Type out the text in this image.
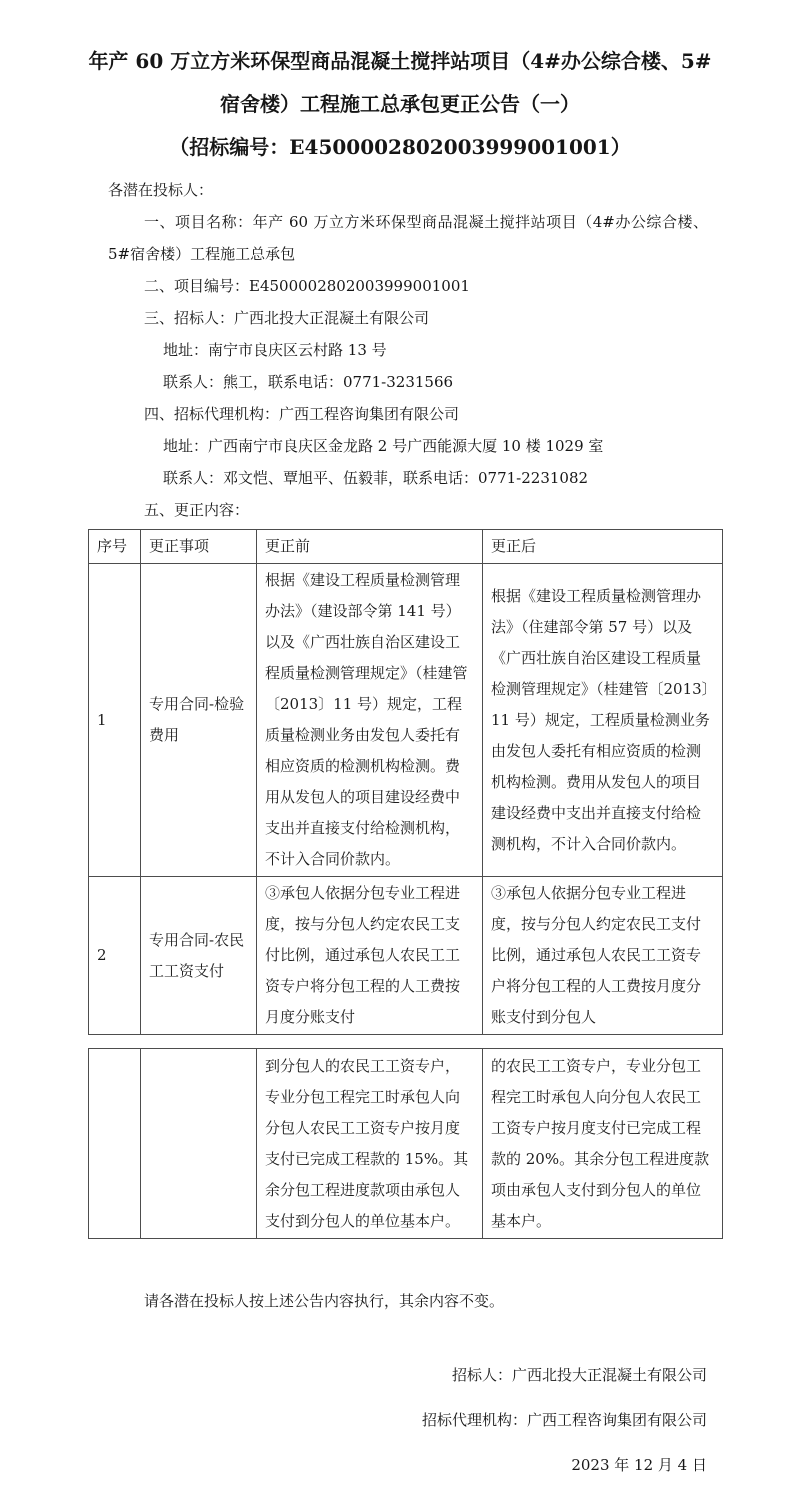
年产 60 万立方米环保型商品混凝土搅拌站项目（4#办公综合楼、5#

宿舍楼）工程施工总承包更正公告（一）

（招标编号：E4500002802003999001001）

各潜在投标人：

一、项目名称：年产 60 万立方米环保型商品混凝土搅拌站项目（4#办公综合楼、5#宿舍楼）工程施工总承包

二、项目编号：E4500002802003999001001

三、招标人：广西北投大正混凝土有限公司

地址：南宁市良庆区云村路 13 号

联系人：熊工，联系电话：0771-3231566

四、招标代理机构：广西工程咨询集团有限公司

地址：广西南宁市良庆区金龙路 2 号广西能源大厦 10 楼 1029 室

联系人：邓文恺、覃旭平、伍毅菲，联系电话：0771-2231082

五、更正内容：

序号	更正事项	更正前	更正后
1	专用合同-检验费用	根据《建设工程质量检测管理办法》（建设部令第 141 号）以及《广西壮族自治区建设工程质量检测管理规定》（桂建管〔2013〕11 号）规定，工程质量检测业务由发包人委托有相应资质的检测机构检测。费用从发包人的项目建设经费中支出并直接支付给检测机构，不计入合同价款内。	根据《建设工程质量检测管理办法》（住建部令第 57 号）以及《广西壮族自治区建设工程质量检测管理规定》（桂建管〔2013〕11 号）规定，工程质量检测业务由发包人委托有相应资质的检测机构检测。费用从发包人的项目建设经费中支出并直接支付给检测机构，不计入合同价款内。
2	专用合同-农民工工资支付	③承包人依据分包专业工程进度，按与分包人约定农民工支付比例，通过承包人农民工工资专户将分包工程的人工费按月度分账支付	③承包人依据分包专业工程进度，按与分包人约定农民工支付比例，通过承包人农民工工资专户将分包工程的人工费按月度分账支付到分包人
		到分包人的农民工工资专户，专业分包工程完工时承包人向分包人农民工工资专户按月度支付已完成工程款的 15%。其余分包工程进度款项由承包人支付到分包人的单位基本户。	的农民工工资专户，专业分包工程完工时承包人向分包人农民工工资专户按月度支付已完成工程款的 20%。其余分包工程进度款项由承包人支付到分包人的单位基本户。

请各潜在投标人按上述公告内容执行，其余内容不变。

招标人：广西北投大正混凝土有限公司

招标代理机构：广西工程咨询集团有限公司

2023 年 12 月 4 日
